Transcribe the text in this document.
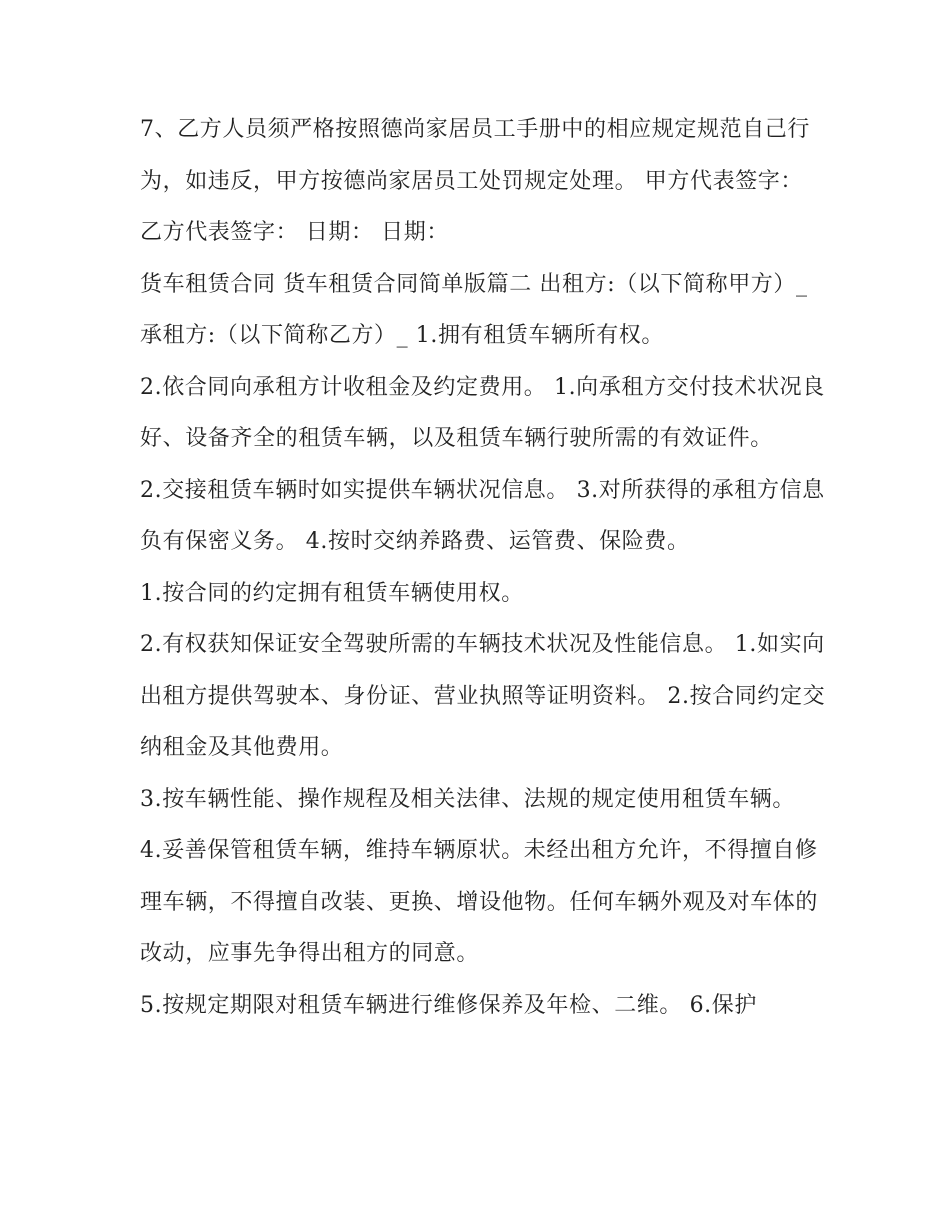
7、乙方人员须严格按照德尚家居员工手册中的相应规定规范自己行为，如违反，甲方按德尚家居员工处罚规定处理。 甲方代表签字： 乙方代表签字： 日期： 日期：

货车租赁合同 货车租赁合同简单版篇二 出租方:（以下简称甲方）_ 承租方:（以下简称乙方）_ 1.拥有租赁车辆所有权。

2.依合同向承租方计收租金及约定费用。 1.向承租方交付技术状况良好、设备齐全的租赁车辆，以及租赁车辆行驶所需的有效证件。

2.交接租赁车辆时如实提供车辆状况信息。 3.对所获得的承租方信息负有保密义务。 4.按时交纳养路费、运管费、保险费。

1.按合同的约定拥有租赁车辆使用权。

2.有权获知保证安全驾驶所需的车辆技术状况及性能信息。 1.如实向出租方提供驾驶本、身份证、营业执照等证明资料。 2.按合同约定交纳租金及其他费用。

3.按车辆性能、操作规程及相关法律、法规的规定使用租赁车辆。

4.妥善保管租赁车辆，维持车辆原状。未经出租方允许，不得擅自修理车辆，不得擅自改装、更换、增设他物。任何车辆外观及对车体的改动，应事先争得出租方的同意。

5.按规定期限对租赁车辆进行维修保养及年检、二维。 6.保护
